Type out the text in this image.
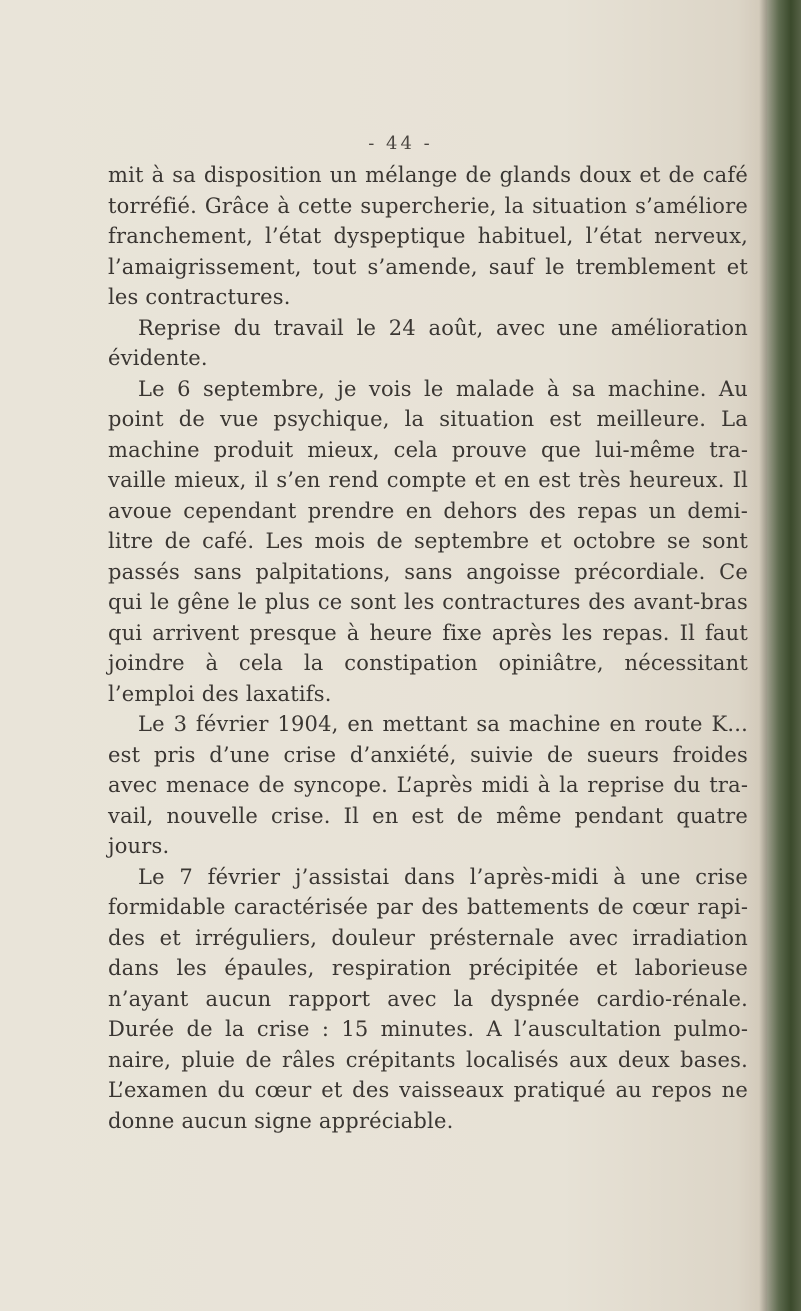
- 44 -

mit à sa disposition un mélange de glands doux et de café torréfié. Grâce à cette supercherie, la situation s’améliore franchement, l’état dyspeptique habituel, l’état nerveux, l’amaigrissement, tout s’amende, sauf le tremblement et les contractures.

Reprise du travail le 24 août, avec une amélioration évidente.

Le 6 septembre, je vois le malade à sa machine. Au point de vue psychique, la situation est meilleure. La machine produit mieux, cela prouve que lui-même travaille mieux, il s’en rend compte et en est très heureux. Il avoue cependant prendre en dehors des repas un demi-litre de café. Les mois de septembre et octobre se sont passés sans palpitations, sans angoisse précordiale. Ce qui le gêne le plus ce sont les contractures des avant-bras qui arrivent presque à heure fixe après les repas. Il faut joindre à cela la constipation opiniâtre, nécessitant l’emploi des laxatifs.

Le 3 février 1904, en mettant sa machine en route K... est pris d’une crise d’anxiété, suivie de sueurs froides avec menace de syncope. L’après midi à la reprise du travail, nouvelle crise. Il en est de même pendant quatre jours.

Le 7 février j’assistai dans l’après-midi à une crise formidable caractérisée par des battements de cœur rapides et irréguliers, douleur présternale avec irradiation dans les épaules, respiration précipitée et laborieuse n’ayant aucun rapport avec la dyspnée cardio-rénale. Durée de la crise : 15 minutes. A l’auscultation pulmonaire, pluie de râles crépitants localisés aux deux bases. L’examen du cœur et des vaisseaux pratiqué au repos ne donne aucun signe appréciable.
